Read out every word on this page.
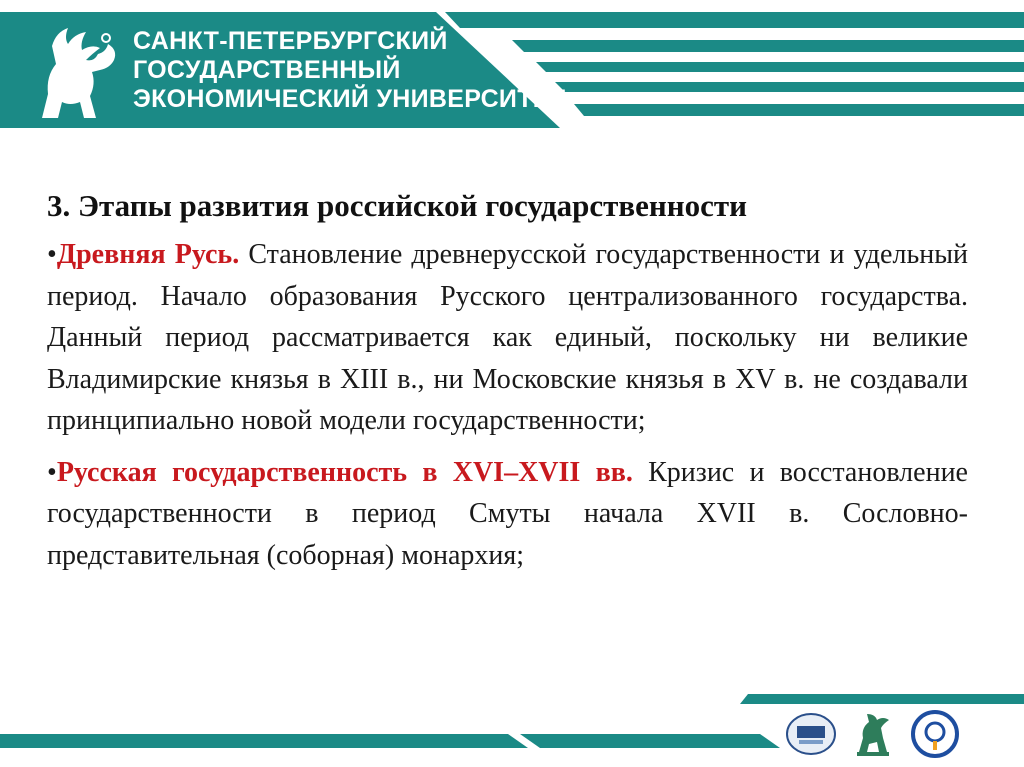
САНКТ-ПЕТЕРБУРГСКИЙ
ГОСУДАРСТВЕННЫЙ
ЭКОНОМИЧЕСКИЙ УНИВЕРСИТЕТ
3. Этапы развития российской государственности

•Древняя Русь. Становление древнерусской государственности и удельный период. Начало образования Русского централизованного государства. Данный период рассматривается как единый, поскольку ни великие Владимирские князья в XIII в., ни Московские князья в XV в. не создавали принципиально новой модели государственности;

•Русская государственность в XVI–XVII вв. Кризис и восстановление государственности в период Смуты начала XVII в. Сословно-представительная (соборная) монархия;
